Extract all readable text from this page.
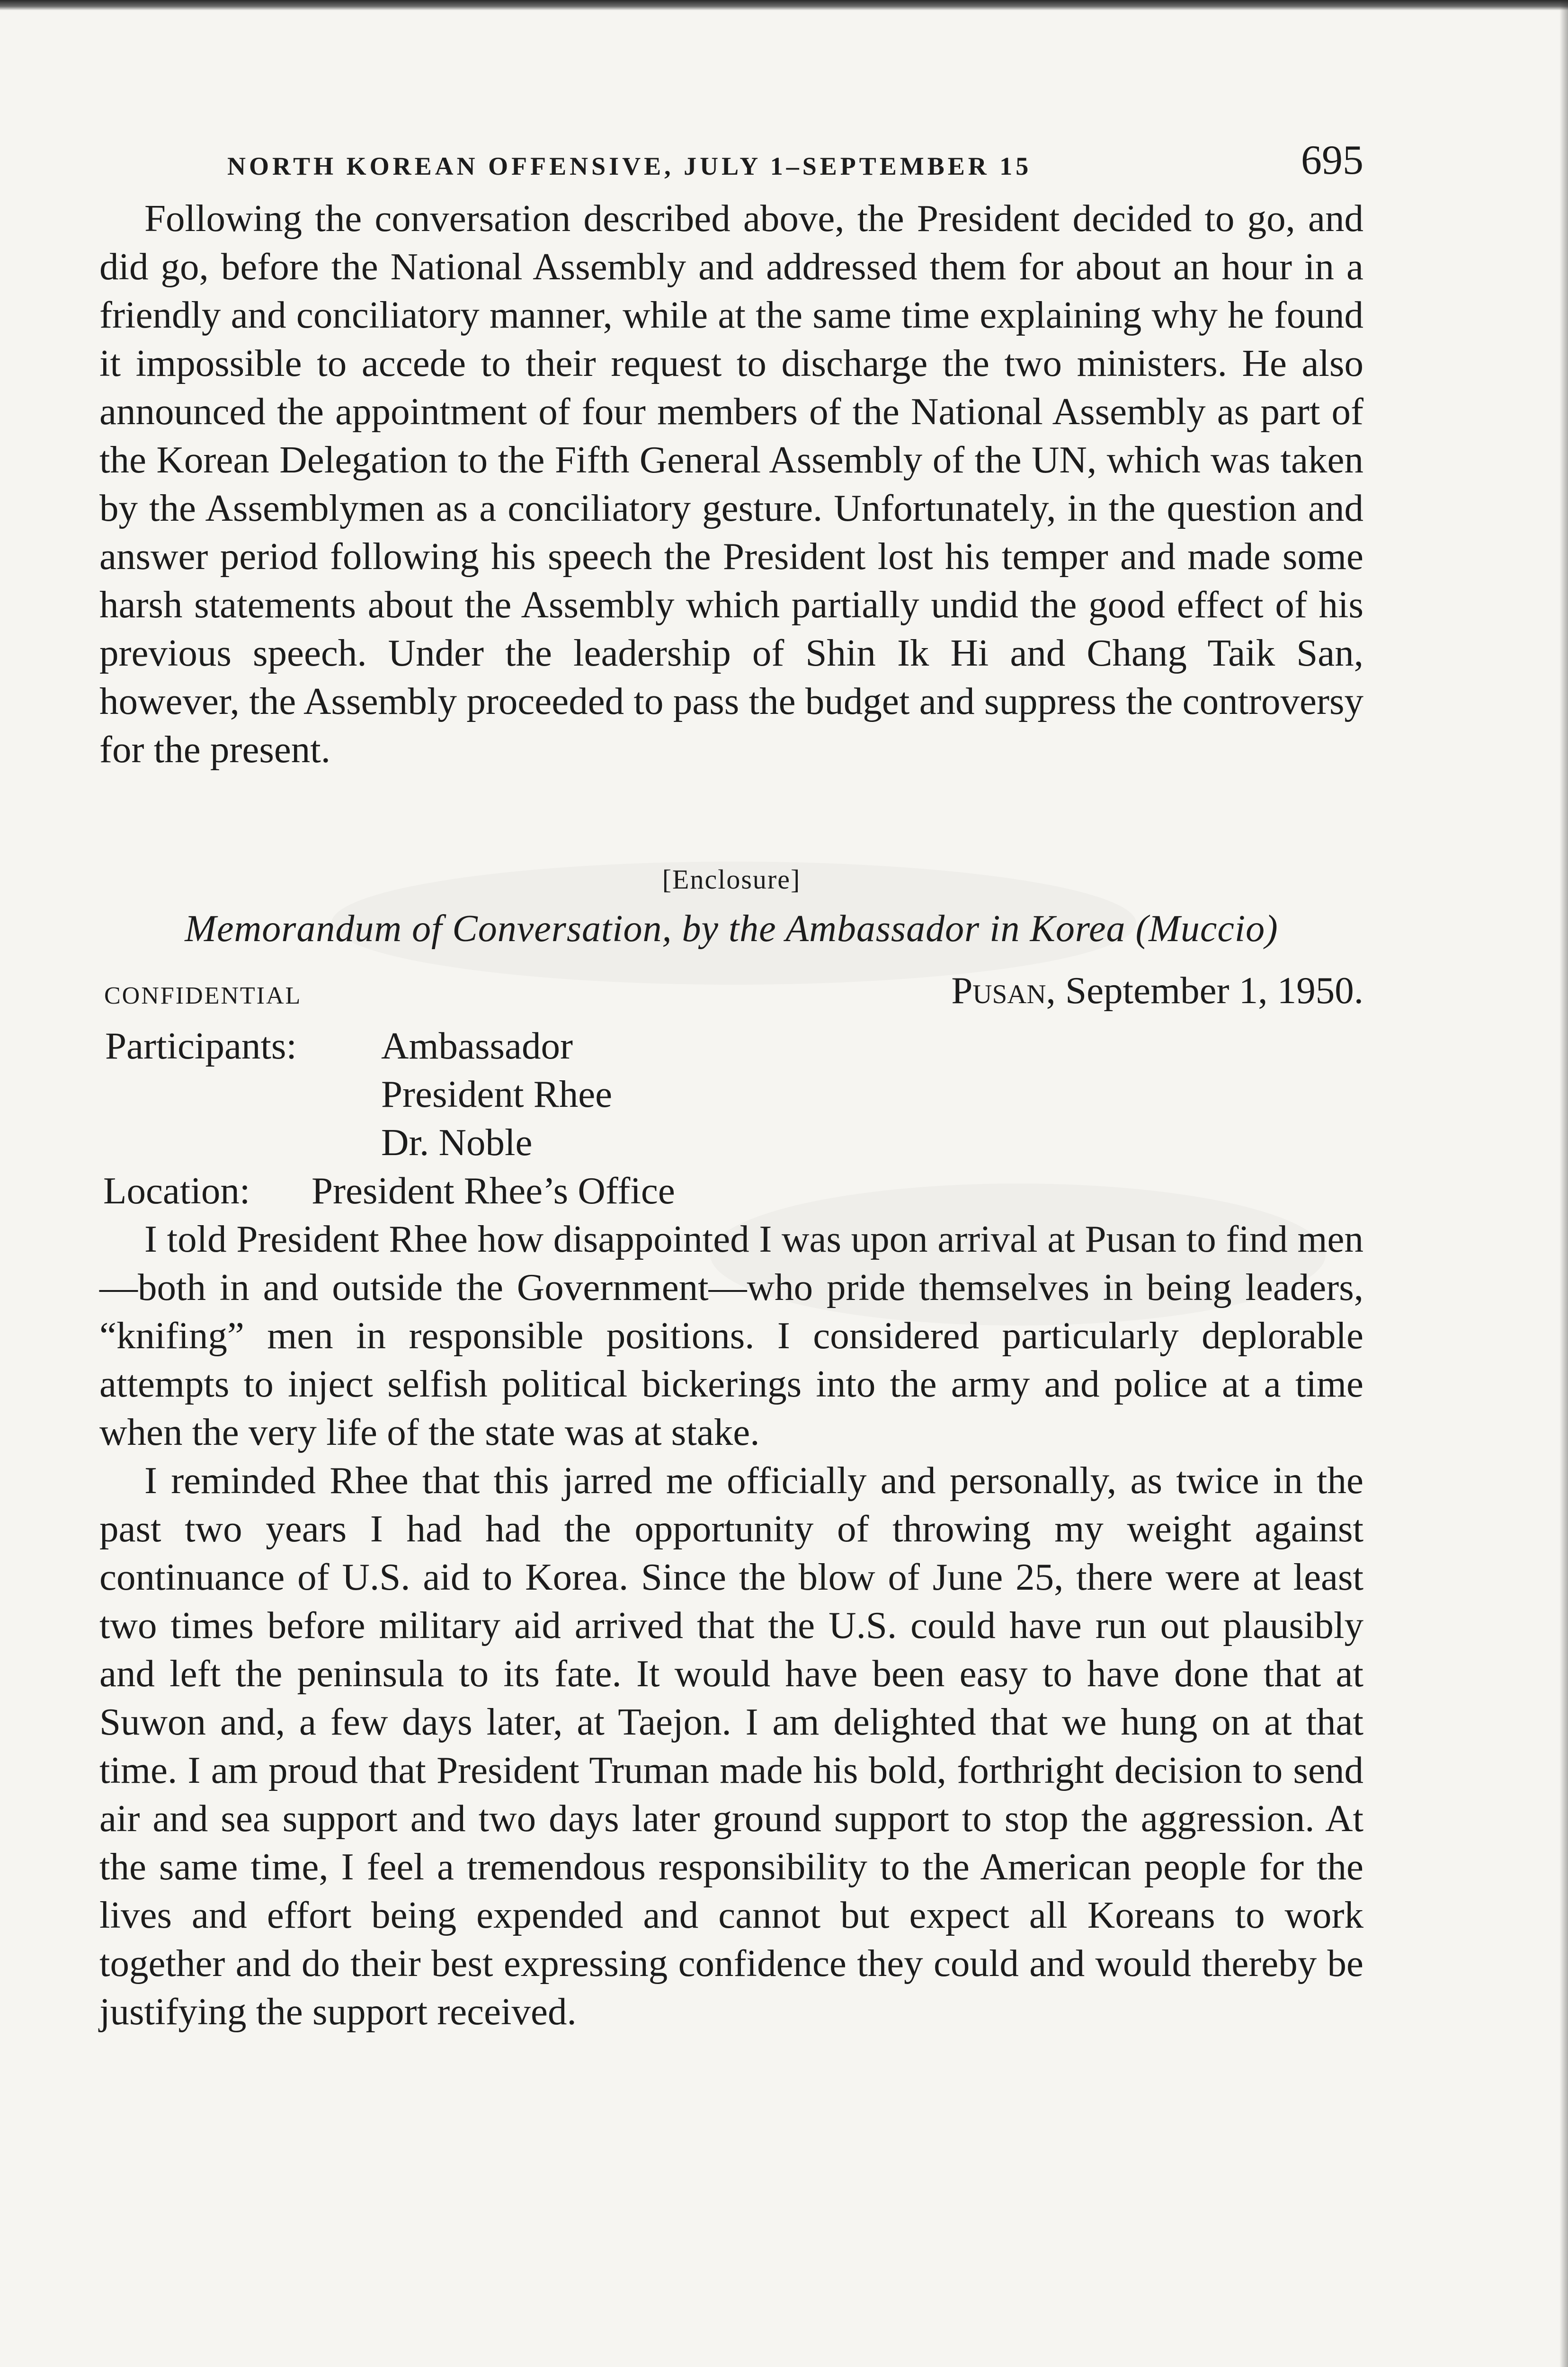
NORTH KOREAN OFFENSIVE, JULY 1–SEPTEMBER 15	695

Following the conversation described above, the President decided to go, and did go, before the National Assembly and addressed them for about an hour in a friendly and conciliatory manner, while at the same time explaining why he found it impossible to accede to their request to discharge the two ministers. He also announced the appointment of four members of the National Assembly as part of the Korean Delegation to the Fifth General Assembly of the UN, which was taken by the Assemblymen as a conciliatory gesture. Unfortunately, in the question and answer period following his speech the President lost his temper and made some harsh statements about the Assembly which partially undid the good effect of his previous speech. Under the leadership of Shin Ik Hi and Chang Taik San, however, the Assembly proceeded to pass the budget and suppress the controversy for the present.

[Enclosure]
Memorandum of Conversation, by the Ambassador in Korea (Muccio)
CONFIDENTIAL	Pusan, September 1, 1950.
Participants: Ambassador
President Rhee
Dr. Noble
Location: President Rhee’s Office

I told President Rhee how disappointed I was upon arrival at Pusan to find men—both in and outside the Government—who pride themselves in being leaders, “knifing” men in responsible positions. I considered particularly deplorable attempts to inject selfish political bickerings into the army and police at a time when the very life of the state was at stake.

I reminded Rhee that this jarred me officially and personally, as twice in the past two years I had had the opportunity of throwing my weight against continuance of U.S. aid to Korea. Since the blow of June 25, there were at least two times before military aid arrived that the U.S. could have run out plausibly and left the peninsula to its fate. It would have been easy to have done that at Suwon and, a few days later, at Taejon. I am delighted that we hung on at that time. I am proud that President Truman made his bold, forthright decision to send air and sea support and two days later ground support to stop the aggression. At the same time, I feel a tremendous responsibility to the American people for the lives and effort being expended and cannot but expect all Koreans to work together and do their best expressing confidence they could and would thereby be justifying the support received.
